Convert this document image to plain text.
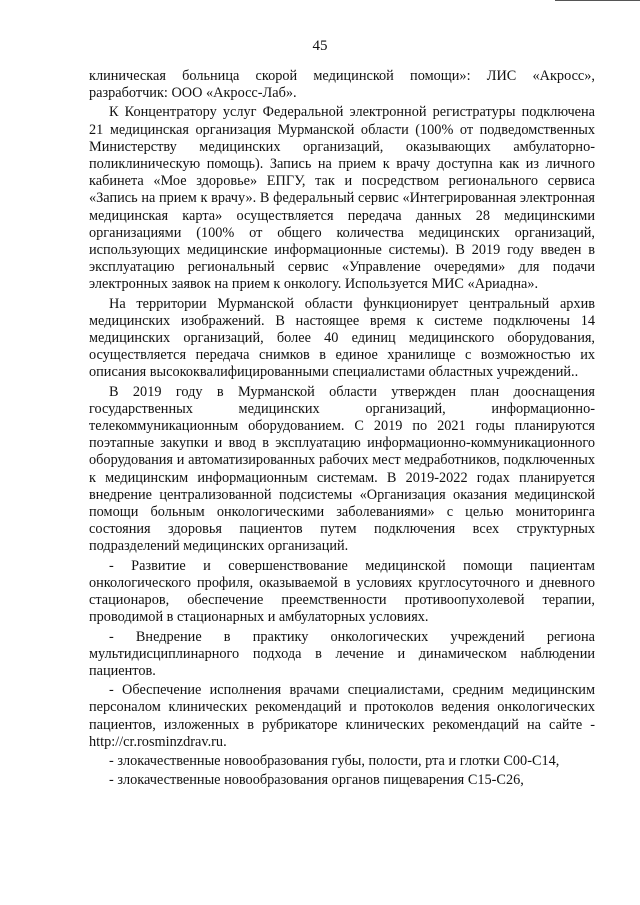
45

клиническая больница скорой медицинской помощи»: ЛИС «Акросс», разработчик: ООО «Акросс-Лаб».

К Концентратору услуг Федеральной электронной регистратуры подключена 21 медицинская организация Мурманской области (100% от подведомственных Министерству медицинских организаций, оказывающих амбулаторно-поликлиническую помощь). Запись на прием к врачу доступна как из личного кабинета «Мое здоровье» ЕПГУ, так и посредством регионального сервиса «Запись на прием к врачу». В федеральный сервис «Интегрированная электронная медицинская карта» осуществляется передача данных 28 медицинскими организациями (100% от общего количества медицинских организаций, использующих медицинские информационные системы). В 2019 году введен в эксплуатацию региональный сервис «Управление очередями» для подачи электронных заявок на прием к онкологу. Используется МИС «Ариадна».

На территории Мурманской области функционирует центральный архив медицинских изображений. В настоящее время к системе подключены 14 медицинских организаций, более 40 единиц медицинского оборудования, осуществляется передача снимков в единое хранилище с возможностью их описания высококвалифицированными специалистами областных учреждений..

В 2019 году в Мурманской области утвержден план дооснащения государственных медицинских организаций, информационно-телекоммуникационным оборудованием. С 2019 по 2021 годы планируются поэтапные закупки и ввод в эксплуатацию информационно-коммуникационного оборудования и автоматизированных рабочих мест медработников, подключенных к медицинским информационным системам. В 2019-2022 годах планируется внедрение централизованной подсистемы «Организация оказания медицинской помощи больным онкологическими заболеваниями» с целью мониторинга состояния здоровья пациентов путем подключения всех структурных подразделений медицинских организаций.

- Развитие и совершенствование медицинской помощи пациентам онкологического профиля, оказываемой в условиях круглосуточного и дневного стационаров, обеспечение преемственности противоопухолевой терапии, проводимой в стационарных и амбулаторных условиях.

- Внедрение в практику онкологических учреждений региона мультидисциплинарного подхода в лечение и динамическом наблюдении пациентов.

- Обеспечение исполнения врачами специалистами, средним медицинским персоналом клинических рекомендаций и протоколов ведения онкологических пациентов, изложенных в рубрикаторе клинических рекомендаций на сайте -http://cr.rosminzdrav.ru.

- злокачественные новообразования губы, полости, рта и глотки С00-С14,

- злокачественные новообразования органов пищеварения С15-С26,
